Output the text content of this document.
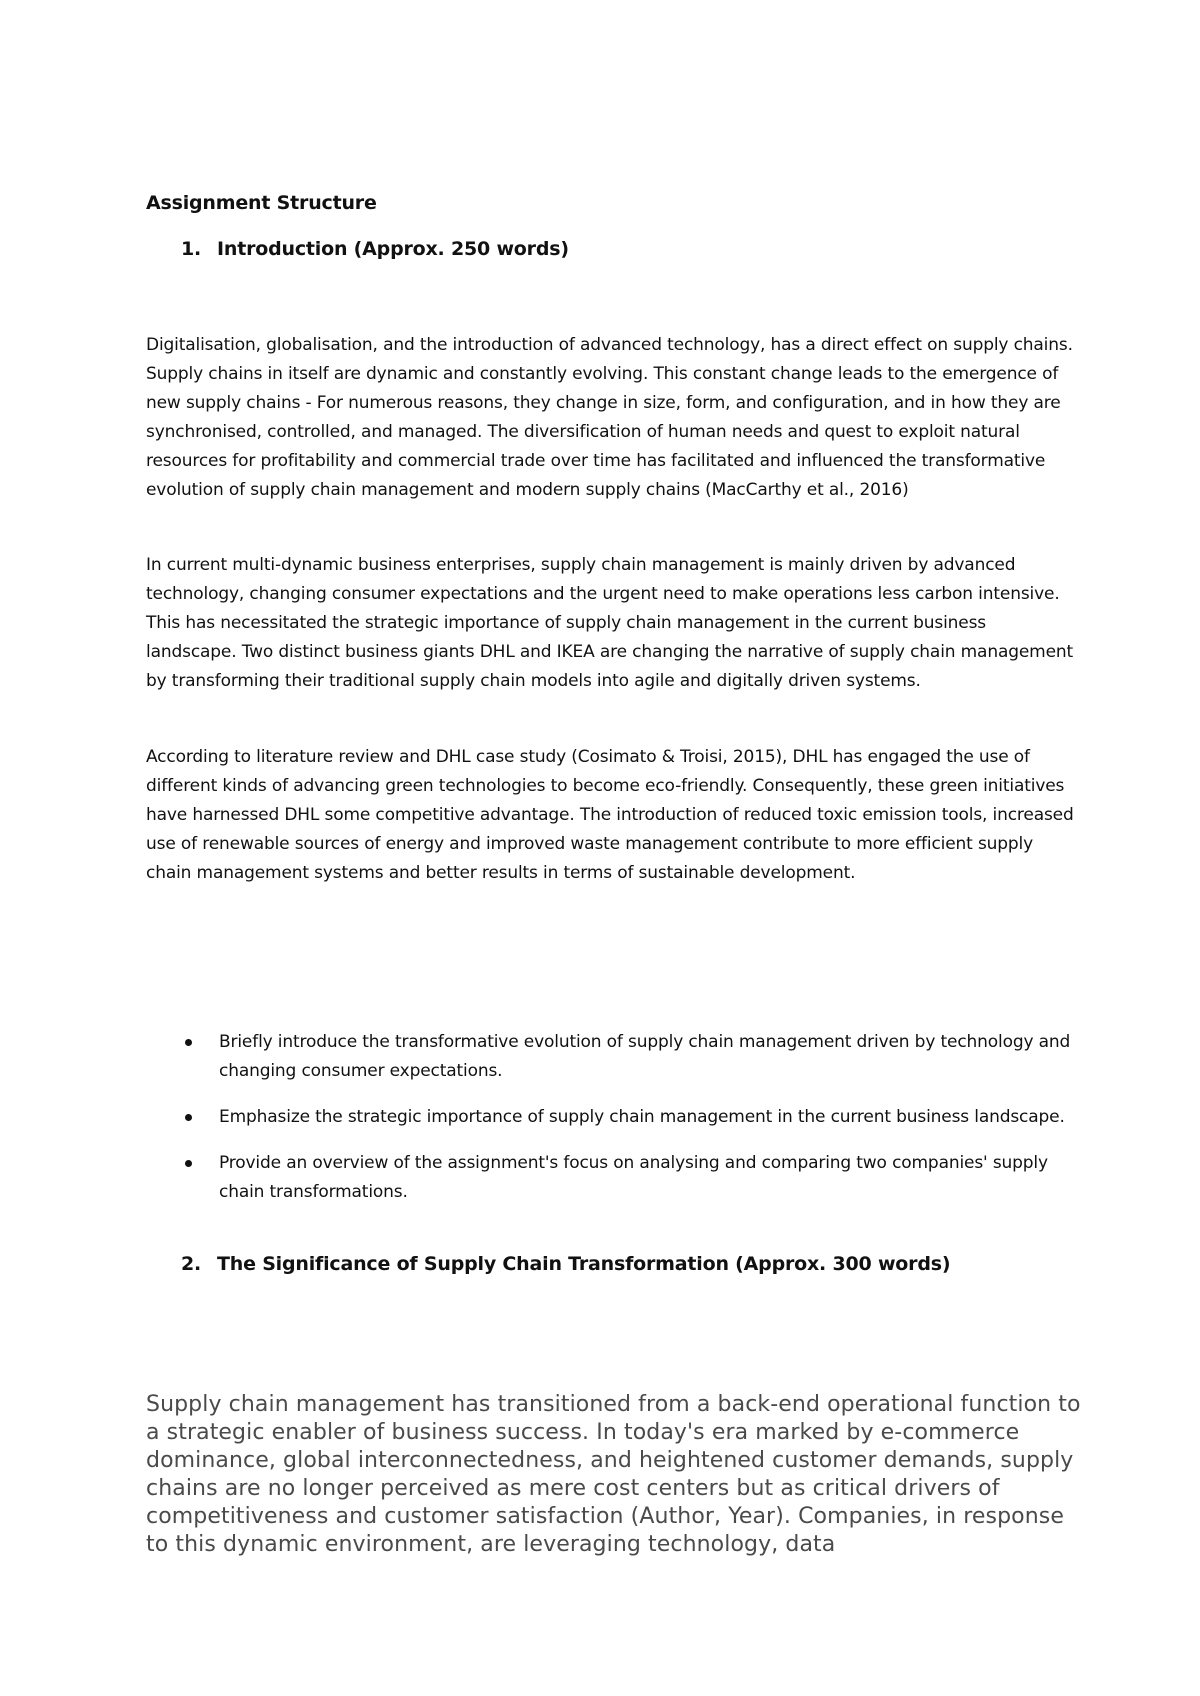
Assignment Structure
1. Introduction (Approx. 250 words)

Digitalisation, globalisation, and the introduction of advanced technology, has a direct effect on supply chains. Supply chains in itself are dynamic and constantly evolving. This constant change leads to the emergence of new supply chains - For numerous reasons, they change in size, form, and configuration, and in how they are synchronised, controlled, and managed. The diversification of human needs and quest to exploit natural resources for profitability and commercial trade over time has facilitated and influenced the transformative evolution of supply chain management and modern supply chains (MacCarthy et al., 2016)

In current multi-dynamic business enterprises, supply chain management is mainly driven by advanced technology, changing consumer expectations and the urgent need to make operations less carbon intensive. This has necessitated the strategic importance of supply chain management in the current business landscape. Two distinct business giants DHL and IKEA are changing the narrative of supply chain management by transforming their traditional supply chain models into agile and digitally driven systems.

According to literature review and DHL case study (Cosimato & Troisi, 2015), DHL has engaged the use of different kinds of advancing green technologies to become eco-friendly. Consequently, these green initiatives have harnessed DHL some competitive advantage. The introduction of reduced toxic emission tools, increased use of renewable sources of energy and improved waste management contribute to more efficient supply chain management systems and better results in terms of sustainable development.

Briefly introduce the transformative evolution of supply chain management driven by technology and changing consumer expectations.
Emphasize the strategic importance of supply chain management in the current business landscape.
Provide an overview of the assignment's focus on analysing and comparing two companies' supply chain transformations.
2. The Significance of Supply Chain Transformation (Approx. 300 words)

Supply chain management has transitioned from a back-end operational function to a strategic enabler of business success. In today's era marked by e-commerce dominance, global interconnectedness, and heightened customer demands, supply chains are no longer perceived as mere cost centers but as critical drivers of competitiveness and customer satisfaction (Author, Year). Companies, in response to this dynamic environment, are leveraging technology, data
